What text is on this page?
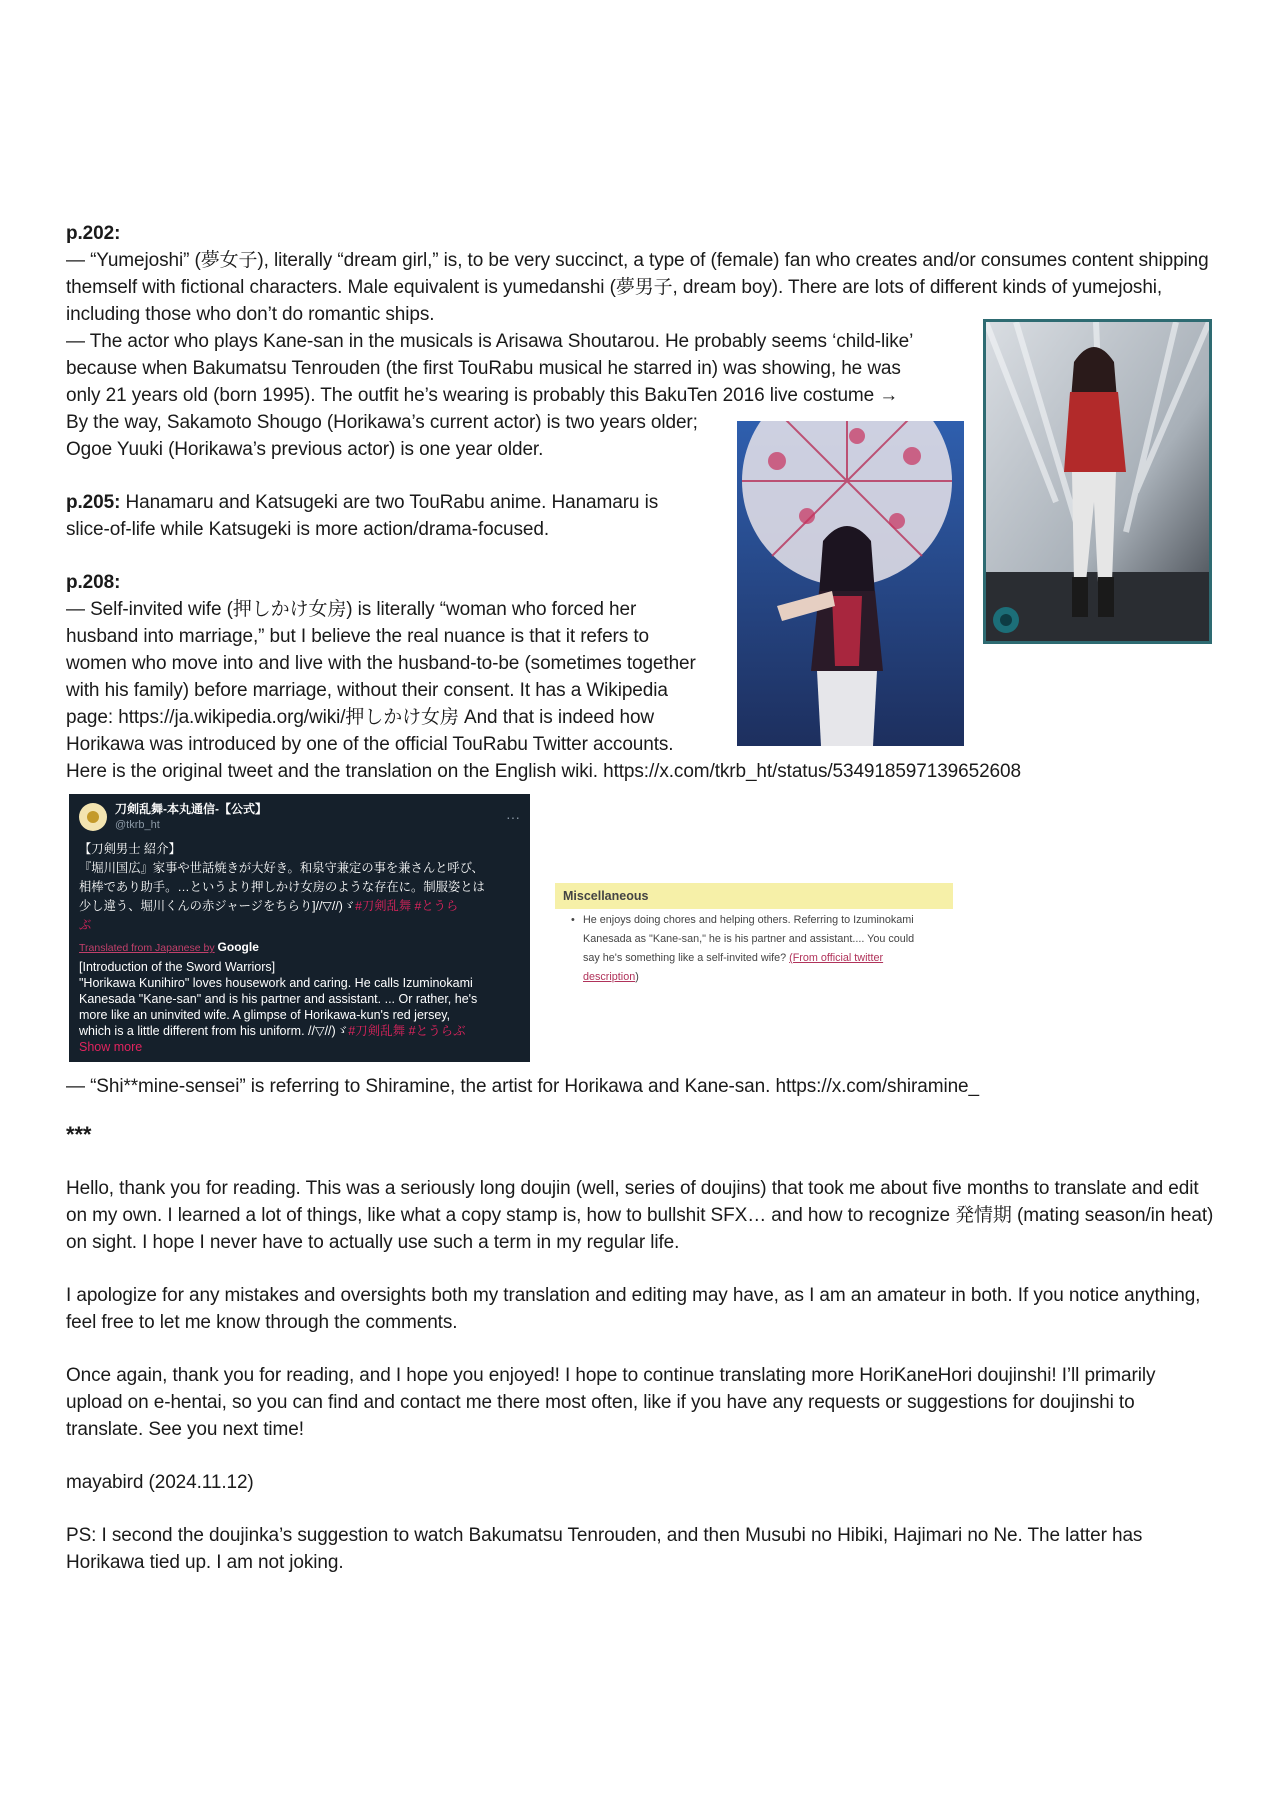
p.202:

— “Yumejoshi” (夢女子), literally “dream girl,” is, to be very succinct, a type of (female) fan who creates and/or consumes content shipping themself with fictional characters. Male equivalent is yumedanshi (夢男子, dream boy). There are lots of different kinds of yumejoshi, including those who don’t do romantic ships.

— The actor who plays Kane-san in the musicals is Arisawa Shoutarou. He probably seems ‘child-like’

because when Bakumatsu Tenrouden (the first TouRabu musical he starred in) was showing, he was

only 21 years old (born 1995). The outfit he’s wearing is probably this BakuTen 2016 live costume →

By the way, Sakamoto Shougo (Horikawa’s current actor) is two years older;

Ogoe Yuuki (Horikawa’s previous actor) is one year older.

p.205: Hanamaru and Katsugeki are two TouRabu anime. Hanamaru is

slice-of-life while Katsugeki is more action/drama-focused.

p.208:

— Self-invited wife (押しかけ女房) is literally “woman who forced her

husband into marriage,” but I believe the real nuance is that it refers to

women who move into and live with the husband-to-be (sometimes together

with his family) before marriage, without their consent. It has a Wikipedia

page: https://ja.wikipedia.org/wiki/押しかけ女房 And that is indeed how

Horikawa was introduced by one of the official TouRabu Twitter accounts.

Here is the original tweet and the translation on the English wiki. https://x.com/tkrb_ht/status/534918597139652608

刀剣乱舞-本丸通信-【公式】
@tkrb_ht	···
【刀剣男士 紹介】
『堀川国広』家事や世話焼きが大好き。和泉守兼定の事を兼さんと呼び、
相棒であり助手。…というより押しかけ女房のような存在に。制服姿とは
少し違う、堀川くんの赤ジャージをちらり]//▽//)ゞ#刀剣乱舞 #とうら
ぶ
Translated from Japanese by Google
[Introduction of the Sword Warriors]
"Horikawa Kunihiro" loves housework and caring. He calls Izuminokami
Kanesada "Kane-san" and is his partner and assistant. ... Or rather, he's
more like an uninvited wife. A glimpse of Horikawa-kun's red jersey,
which is a little different from his uniform. //▽//)ゞ#刀剣乱舞 #とうらぶ
Show more
Miscellaneous
• He enjoys doing chores and helping others. Referring to Izuminokami
Kanesada as "Kane-san," he is his partner and assistant.... You could
say he's something like a self-invited wife? (From official twitter
description)
— “Shi**mine-sensei” is referring to Shiramine, the artist for Horikawa and Kane-san. https://x.com/shiramine_
***

Hello, thank you for reading. This was a seriously long doujin (well, series of doujins) that took me about five months to translate and edit on my own. I learned a lot of things, like what a copy stamp is, how to bullshit SFX… and how to recognize 発情期 (mating season/in heat) on sight. I hope I never have to actually use such a term in my regular life.

I apologize for any mistakes and oversights both my translation and editing may have, as I am an amateur in both. If you notice anything, feel free to let me know through the comments.

Once again, thank you for reading, and I hope you enjoyed! I hope to continue translating more HoriKaneHori doujinshi! I’ll primarily upload on e-hentai, so you can find and contact me there most often, like if you have any requests or suggestions for doujinshi to translate. See you next time!

mayabird (2024.11.12)

PS: I second the doujinka’s suggestion to watch Bakumatsu Tenrouden, and then Musubi no Hibiki, Hajimari no Ne. The latter has Horikawa tied up. I am not joking.
